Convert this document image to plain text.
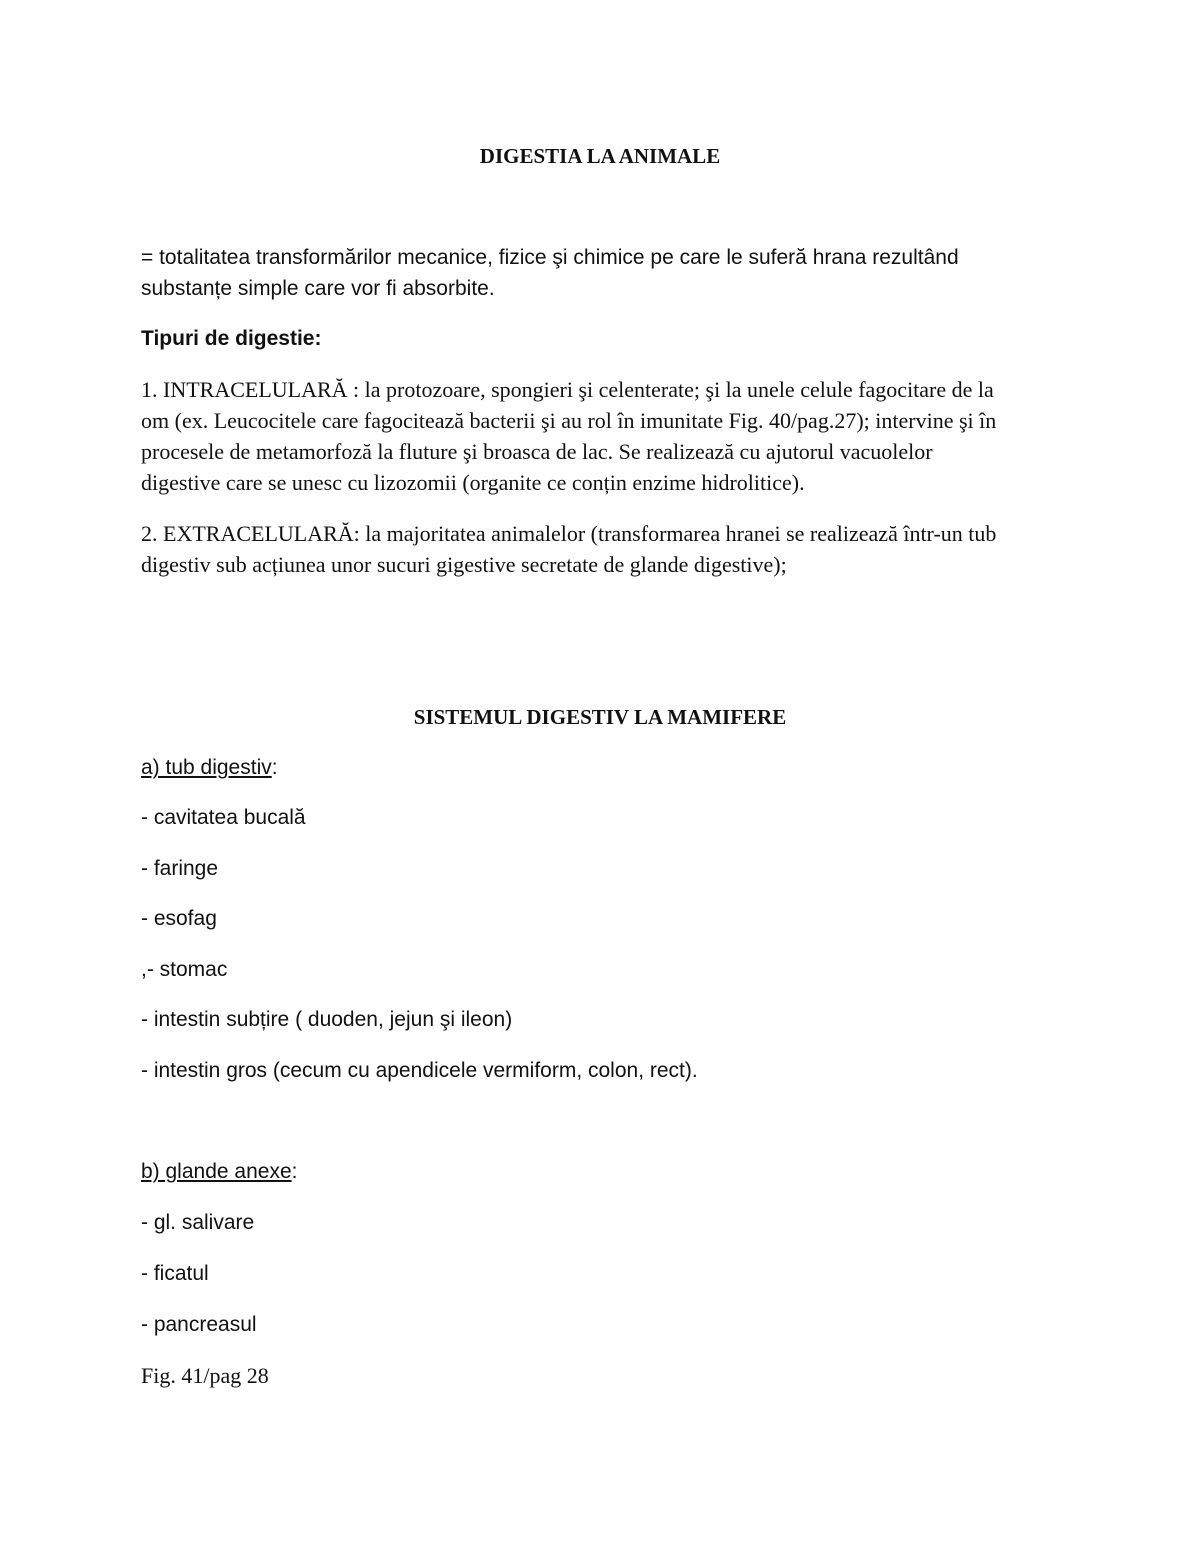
DIGESTIA LA ANIMALE
= totalitatea transformărilor mecanice, fizice şi chimice pe care le suferă hrana rezultând
substanțe simple care vor fi absorbite.
Tipuri de digestie:
1. INTRACELULARĂ : la protozoare, spongieri şi celenterate; şi la unele celule fagocitare de la
om (ex. Leucocitele care fagocitează bacterii şi au rol în imunitate Fig. 40/pag.27); intervine şi în
procesele de metamorfoză la fluture şi broasca de lac. Se realizează cu ajutorul vacuolelor
digestive care se unesc cu lizozomii (organite ce conțin enzime hidrolitice).
2. EXTRACELULARĂ: la majoritatea animalelor (transformarea hranei se realizează într-un tub
digestiv sub acțiunea unor sucuri gigestive secretate de glande digestive);
SISTEMUL DIGESTIV LA MAMIFERE
a) tub digestiv:
- cavitatea bucală
- faringe
- esofag
,- stomac
- intestin subțire ( duoden, jejun şi ileon)
- intestin gros (cecum cu apendicele vermiform, colon, rect).
b) glande anexe:
- gl. salivare
- ficatul
- pancreasul
Fig. 41/pag 28
